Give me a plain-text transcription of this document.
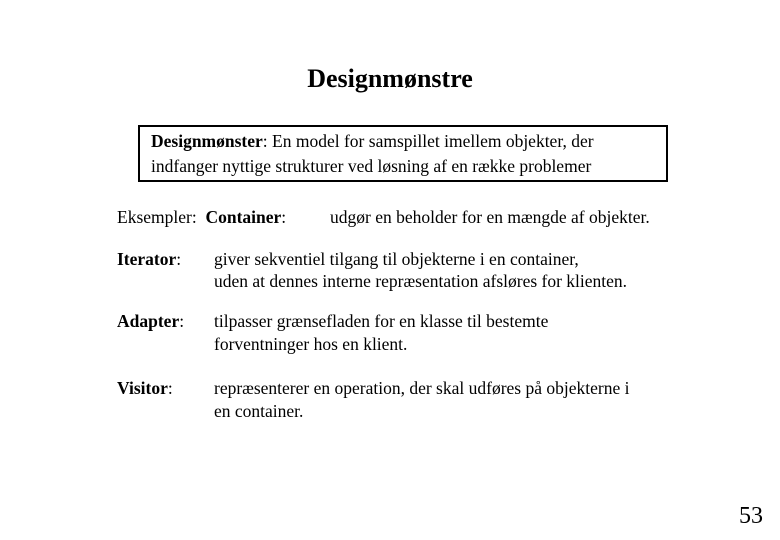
Designmønstre
Designmønster: En model for samspillet imellem objekter, der
indfanger nyttige strukturer ved løsning af en række problemer
Eksempler: Container:	udgør en beholder for en mængde af objekter.
Iterator: giver sekventiel tilgang til objekterne i en container,
uden at dennes interne repræsentation afsløres for klienten.
Adapter: tilpasser grænsefladen for en klasse til bestemte
forventninger hos en klient.
Visitor: repræsenterer en operation, der skal udføres på objekterne i
en container.
53
